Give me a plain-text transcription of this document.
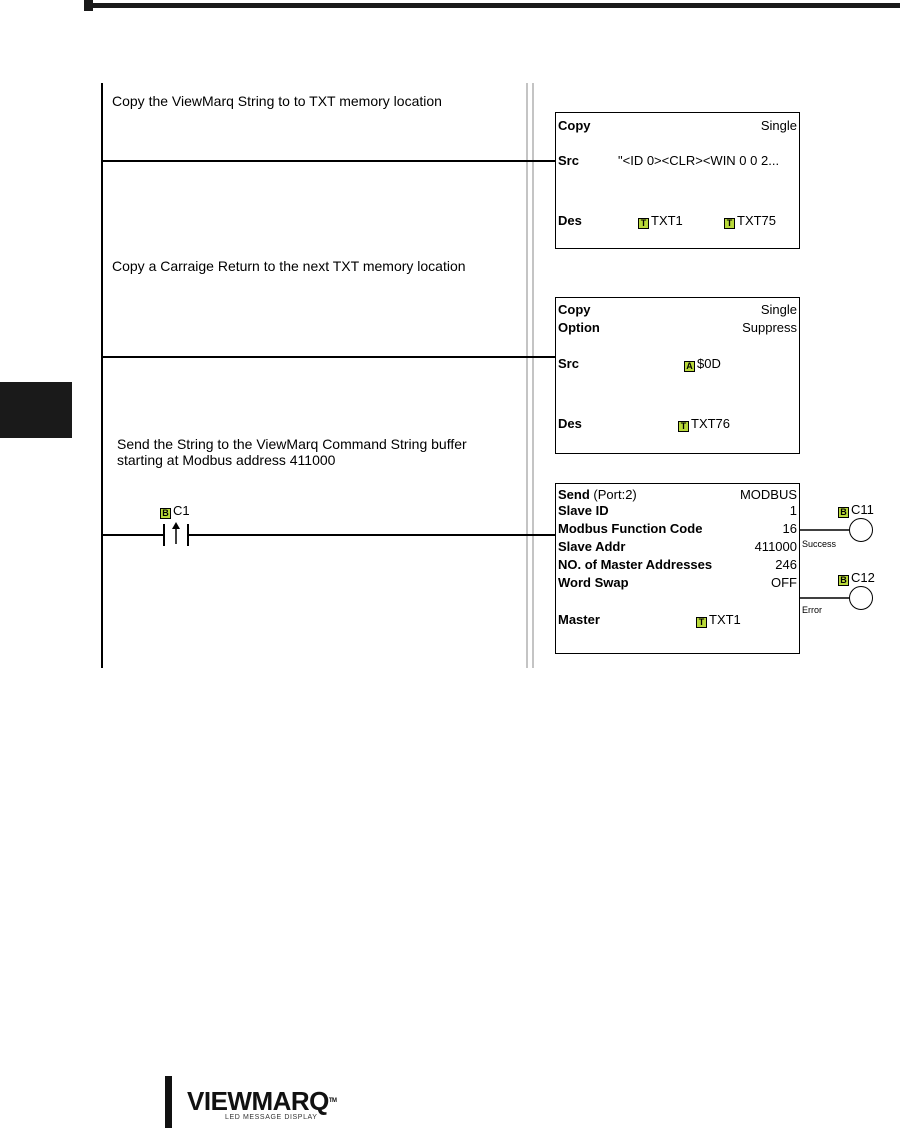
Copy the ViewMarq String to to TXT memory location
Copy	Single
Src	"<ID 0><CLR><WIN 0 0 2...
Des	T TXT1	T TXT75
Copy a Carraige Return to the next TXT memory location
Copy	Single
Option	Suppress
Src	A $0D
Des	T TXT76
Send the String to the ViewMarq Command String buffer
starting at Modbus address 411000
B C1
Send (Port:2)	MODBUS
Slave ID	1
Modbus Function Code	16
Slave Addr	411000
NO. of Master Addresses	246
Word Swap	OFF
Master	T TXT1
B C11
Success
B C12
Error
VIEWMARQ™
LED MESSAGE DISPLAY
